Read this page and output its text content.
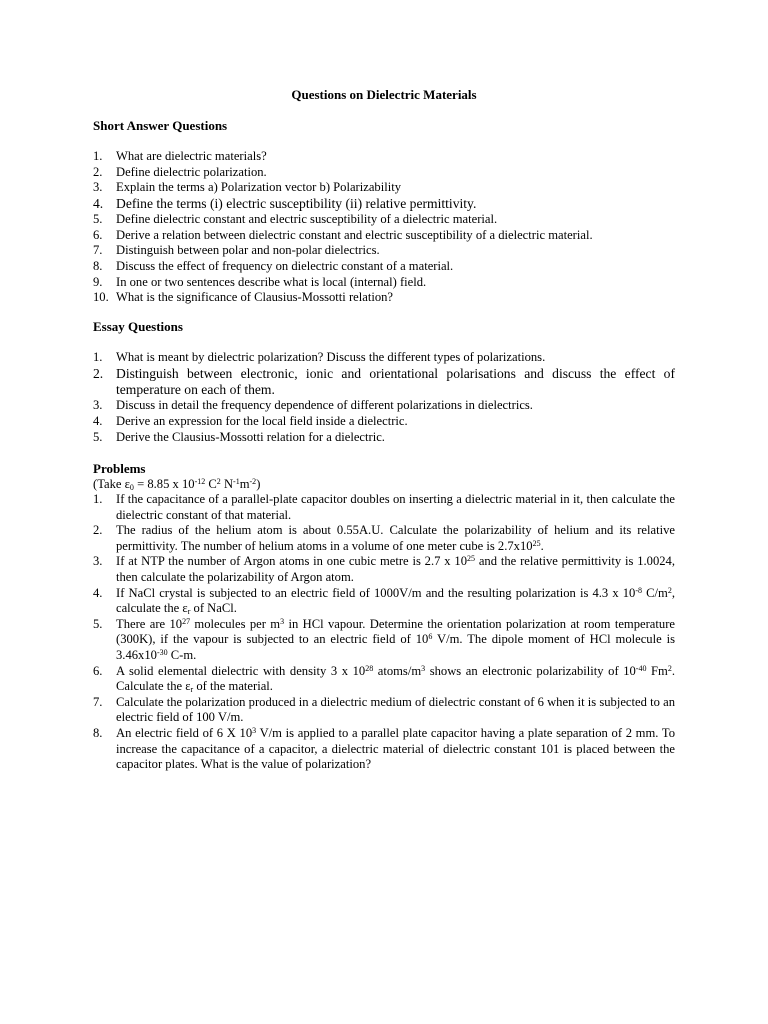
Questions on Dielectric Materials
Short Answer Questions
1. What are dielectric materials?
2. Define dielectric polarization.
3. Explain the terms a) Polarization vector b) Polarizability
4. Define the terms (i) electric susceptibility (ii) relative permittivity.
5. Define dielectric constant and electric susceptibility of a dielectric material.
6. Derive a relation between dielectric constant and electric susceptibility of a dielectric material.
7. Distinguish between polar and non-polar dielectrics.
8. Discuss the effect of frequency on dielectric constant of a material.
9. In one or two sentences describe what is local (internal) field.
10. What is the significance of Clausius-Mossotti relation?
Essay Questions
1. What is meant by dielectric polarization? Discuss the different types of polarizations.
2. Distinguish between electronic, ionic and orientational polarisations and discuss the effect of temperature on each of them.
3. Discuss in detail the frequency dependence of different polarizations in dielectrics.
4. Derive an expression for the local field inside a dielectric.
5. Derive the Clausius-Mossotti relation for a dielectric.
Problems
(Take $\varepsilon_0 = 8.85$ x $10^{-12}$ $C^2$ $N^{-1}m^{-2}$)
1. If the capacitance of a parallel-plate capacitor doubles on inserting a dielectric material in it, then calculate the dielectric constant of that material.
2. The radius of the helium atom is about 0.55A.U. Calculate the polarizability of helium and its relative permittivity. The number of helium atoms in a volume of one meter cube is $2.7x10^{25}$.
3. If at NTP the number of Argon atoms in one cubic metre is 2.7 x $10^{25}$ and the relative permittivity is 1.0024, then calculate the polarizability of Argon atom.
4. If NaCl crystal is subjected to an electric field of 1000V/m and the resulting polarization is 4.3 x $10^{-8}$ $C/m^2$, calculate the $\varepsilon_r$ of NaCl.
5. There are $10^{27}$ molecules per $m^3$ in HCl vapour. Determine the orientation polarization at room temperature (300K), if the vapour is subjected to an electric field of $10^6$ V/m. The dipole moment of HCl molecule is $3.46x10^{-30}$ C-m.
6. A solid elemental dielectric with density 3 x $10^{28}$ atoms/$m^3$ shows an electronic polarizability of $10^{-40}$ Fm$^2$. Calculate the $\varepsilon_r$ of the material.
7. Calculate the polarization produced in a dielectric medium of dielectric constant of 6 when it is subjected to an electric field of 100 V/m.
8. An electric field of 6 X $10^3$ V/m is applied to a parallel plate capacitor having a plate separation of 2 mm. To increase the capacitance of a capacitor, a dielectric material of dielectric constant 101 is placed between the capacitor plates. What is the value of polarization?
